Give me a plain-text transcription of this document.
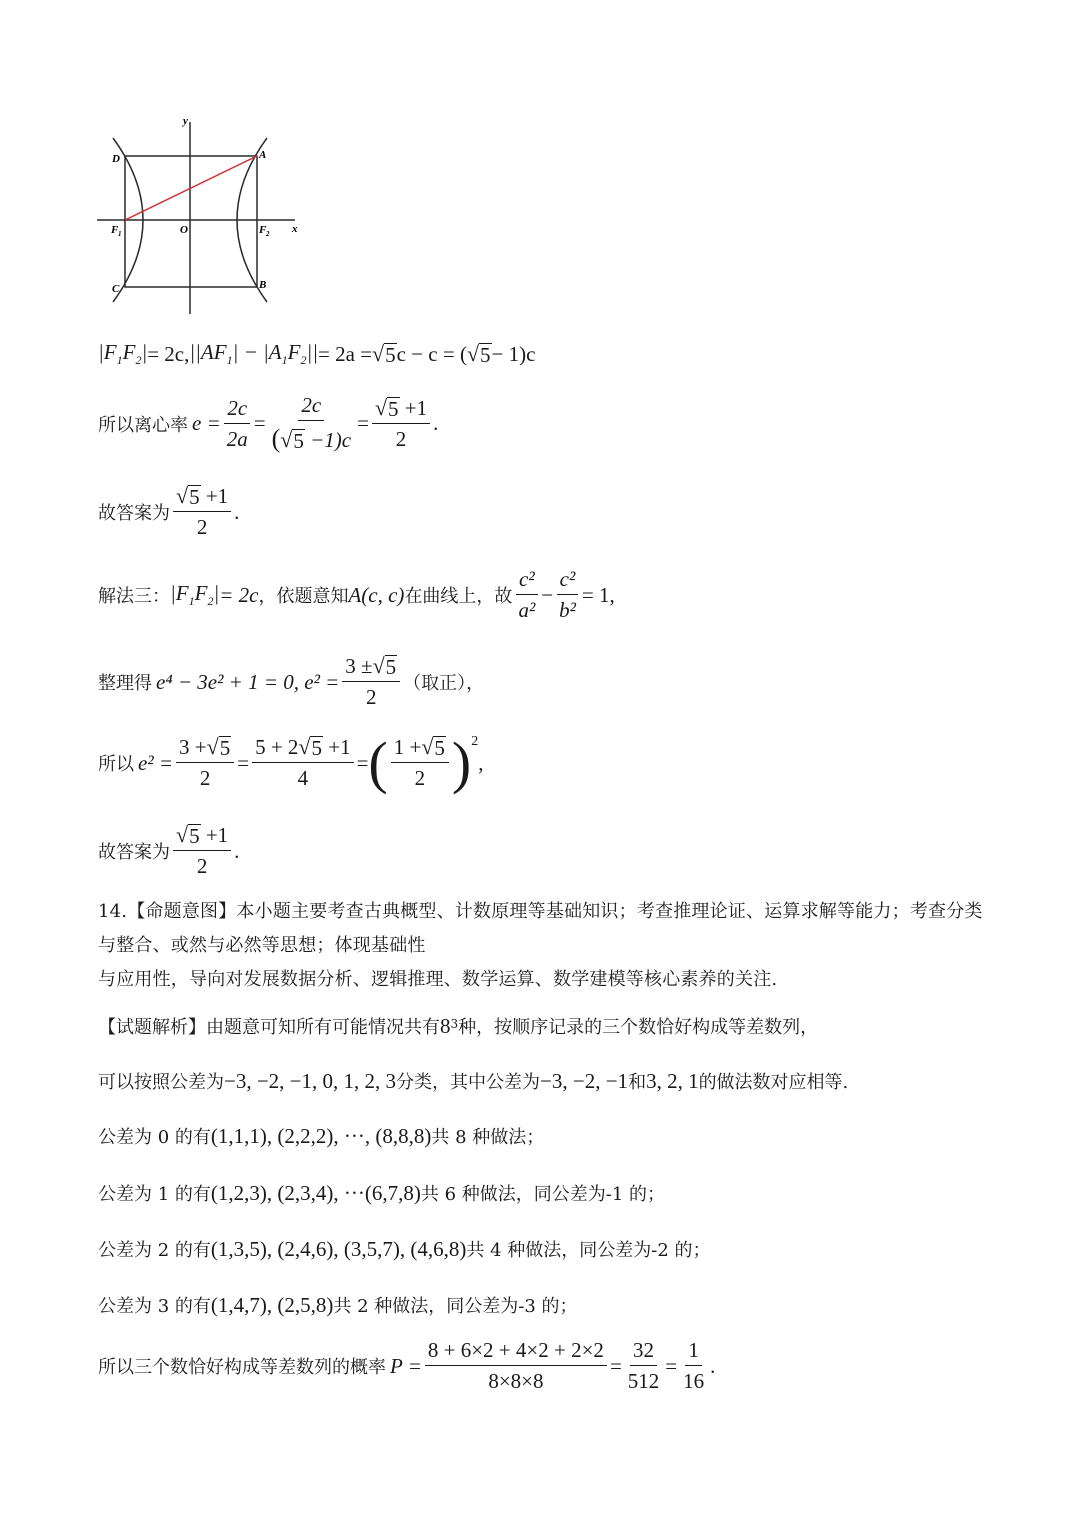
y
x
D	A
F 1	O	F 2
C	B
$|F_1F_2| = 2c$, $||AF_1| - |A_1F_2|| = 2a$ = √ 5 c − c = ( √ 5 − 1)c
所以离心率 $e = \frac{2c}{2a} = \frac{2c}{( √ 5 -1)c} = \frac{√ 5 +1}{2}$ .
故答案为 $\frac{√ 5 +1}{2}$ .
解法三： $|F_1F_2| = 2c$ ，依题意知 A(c, c) 在曲线上，故 $\frac{\text{c²}}{\text{a²}} - \frac{\text{c²}}{\text{b²}} = 1$,
整理得 e⁴ − 3e² + 1 = 0, $e^2 = \frac{3 \pm √ 5}{2}$ （取正），
所以 $e^2 = \frac{3 + √ 5}{2} = \frac{5 + 2 √ 5 +1}{4}$ = ( $\frac{1 + √ 5}{2}$ ) 2
,
故答案为 $\frac{√ 5 +1}{2}$ .
14.【命题意图】本小题主要考查古典概型、计数原理等基础知识；考查推理论证、运算求解等能力；考查分类与整合、或然与必然等思想；体现基础性
与应用性，导向对发展数据分析、逻辑推理、数学运算、数学建模等核心素养的关注.
【试题解析】由题意可知所有可能情况共有 $8^3$ 种，按顺序记录的三个数恰好构成等差数列，
可以按照公差为 −3, −2, −1, 0, 1, 2, 3 分类，其中公差为 −3, −2, −1 和 3, 2, 1 的做法数对应相等.
公差为 0 的有 (1,1,1), (2,2,2), ···, (8,8,8) 共 8 种做法；
公差为 1 的有 (1,2,3), (2,3,4), ···(6,7,8) 共 6 种做法，同公差为-1 的；
公差为 2 的有 (1,3,5), (2,4,6), (3,5,7), (4,6,8) 共 4 种做法，同公差为-2 的；
公差为 3 的有 (1,4,7), (2,5,8) 共 2 种做法，同公差为-3 的；
所以三个数恰好构成等差数列的概率 $P = \frac{8 + 6\times 2 + 4\times 2 + 2\times 2}{8\times 8\times 8} = \frac{32}{512} = \frac{1}{16}$ .
